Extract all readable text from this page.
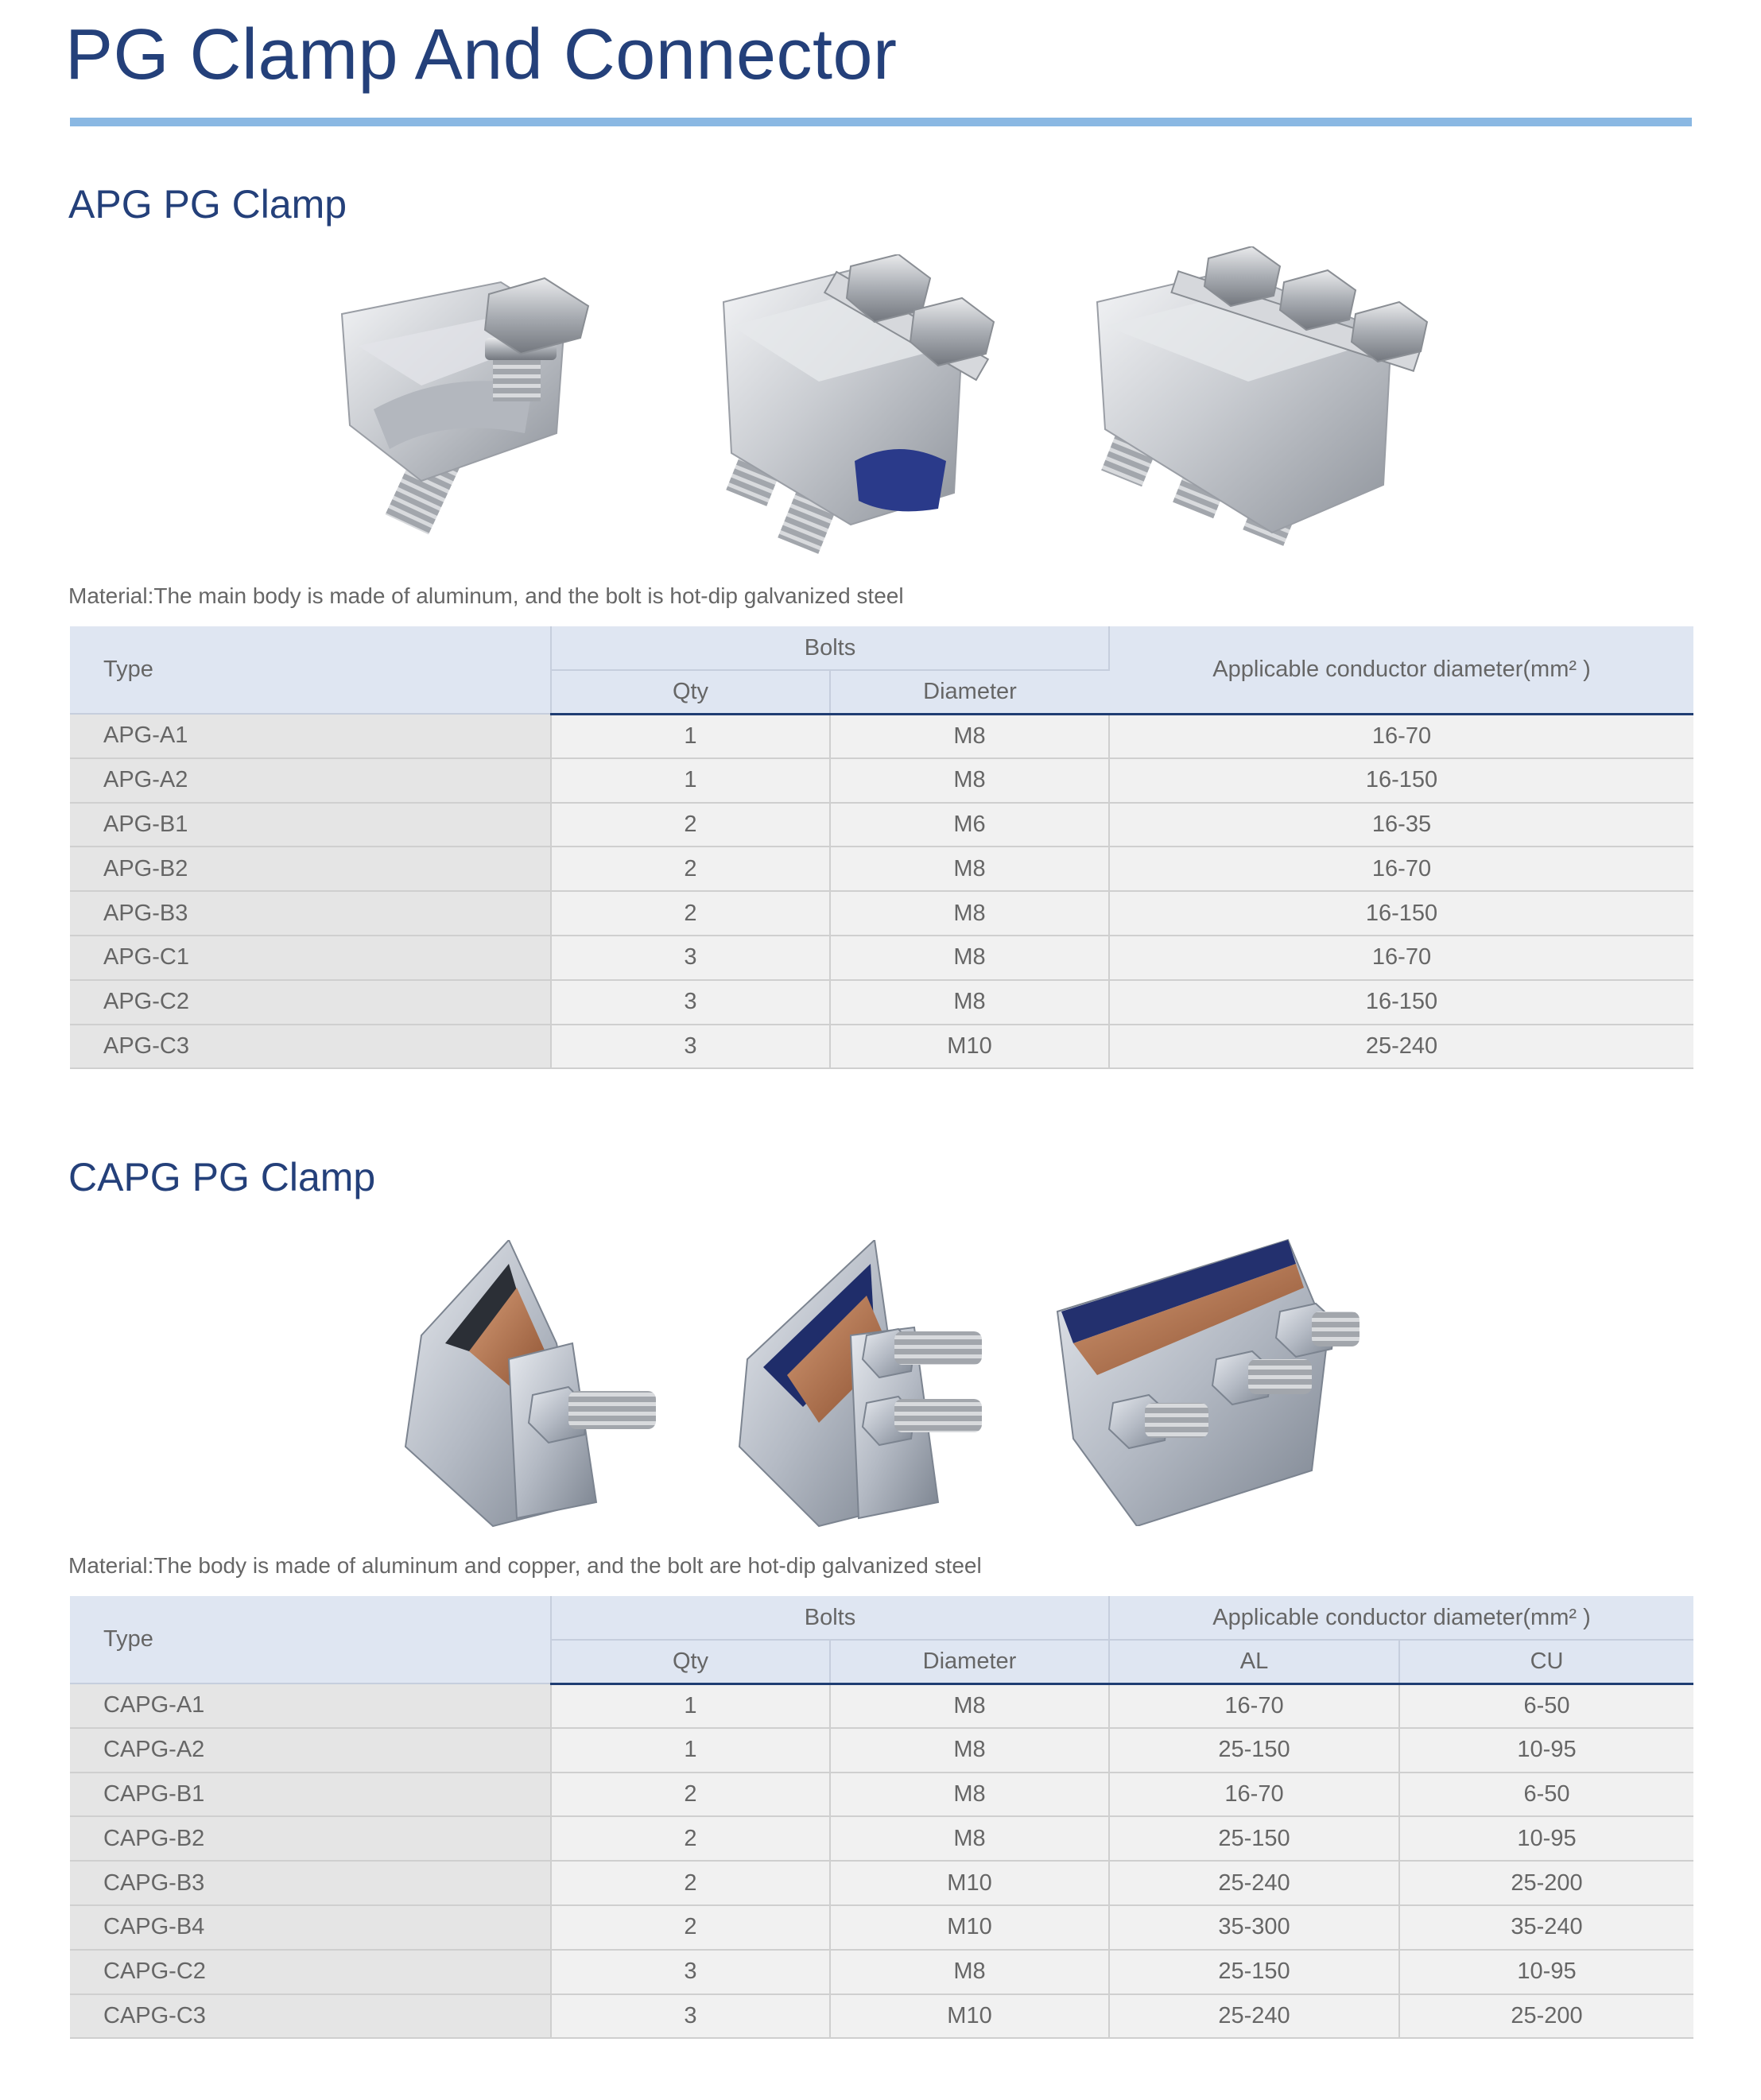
PG Clamp And Connector
APG PG Clamp

Material:The main body is made of aluminum, and the bolt is hot-dip galvanized steel

Type	Bolts		Applicable conductor diameter(mm² )
	Qty	Diameter	
APG-A1	1	M8	16-70
APG-A2	1	M8	16-150
APG-B1	2	M6	16-35
APG-B2	2	M8	16-70
APG-B3	2	M8	16-150
APG-C1	3	M8	16-70
APG-C2	3	M8	16-150
APG-C3	3	M10	25-240
CAPG PG Clamp

Material:The body is made of aluminum and copper, and the bolt are hot-dip galvanized steel

Type	Bolts		Applicable conductor diameter(mm² )	
	Qty	Diameter	AL	CU
CAPG-A1	1	M8	16-70	6-50
CAPG-A2	1	M8	25-150	10-95
CAPG-B1	2	M8	16-70	6-50
CAPG-B2	2	M8	25-150	10-95
CAPG-B3	2	M10	25-240	25-200
CAPG-B4	2	M10	35-300	35-240
CAPG-C2	3	M8	25-150	10-95
CAPG-C3	3	M10	25-240	25-200
